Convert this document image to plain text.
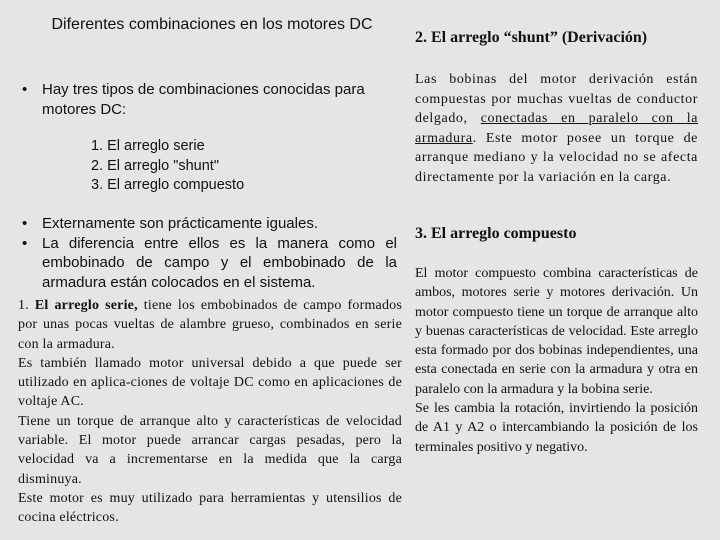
Diferentes combinaciones en los motores DC
• Hay tres tipos de combinaciones conocidas para motores DC:
1. El arreglo serie
2. El arreglo "shunt"
3. El arreglo compuesto
• Externamente son prácticamente iguales.
• La diferencia entre ellos es la manera como el embobinado de campo y el embobinado de la armadura están colocados en el sistema.

1. El arreglo serie, tiene los embobinados de campo formados por unas pocas vueltas de alambre grueso, combinados en serie con la armadura.

Es también llamado motor universal debido a que puede ser utilizado en aplica-ciones de voltaje DC como en aplicaciones de voltaje AC.

Tiene un torque de arranque alto y características de velocidad variable. El motor puede arrancar cargas pesadas, pero la velocidad va a incrementarse en la medida que la carga disminuya.

Este motor es muy utilizado para herramientas y utensilios de cocina eléctricos.

2. El arreglo “shunt” (Derivación)
Las bobinas del motor derivación están compuestas por muchas vueltas de conductor delgado, conectadas en paralelo con la armadura. Este motor posee un torque de arranque mediano y la velocidad no se afecta directamente por la variación en la carga.
3. El arreglo compuesto

El motor compuesto combina características de ambos, motores serie y motores derivación. Un motor compuesto tiene un torque de arranque alto y buenas características de velocidad. Este arreglo esta formado por dos bobinas independientes, una esta conectada en serie con la armadura y otra en paralelo con la armadura y la bobina serie.

Se les cambia la rotación, invirtiendo la posición de A1 y A2 o intercambiando la posición de los terminales positivo y negativo.
